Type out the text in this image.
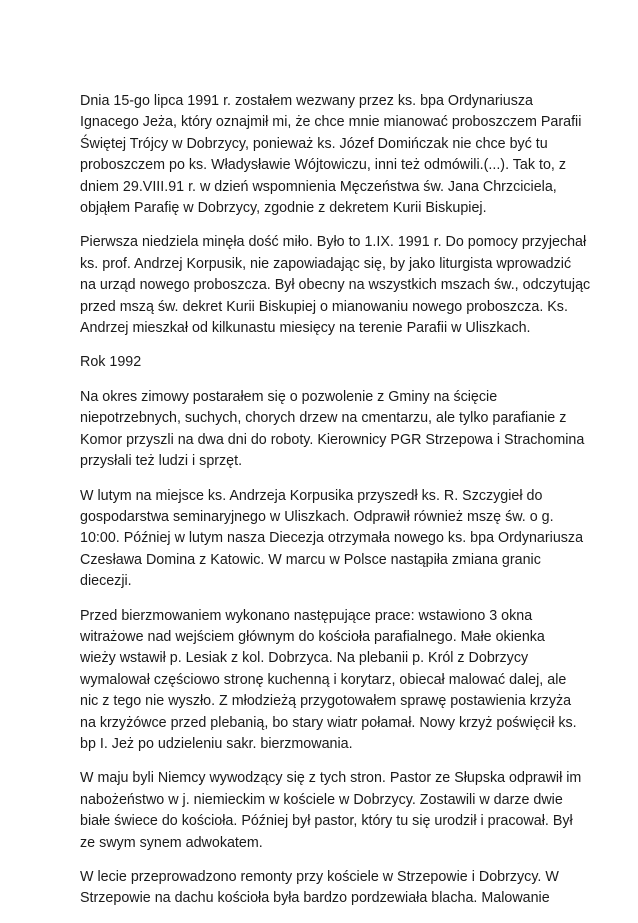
Dnia 15-go lipca 1991 r. zostałem wezwany przez ks. bpa Ordynariusza
Ignacego Jeża, który oznajmił mi, że chce mnie mianować proboszczem Parafii
Świętej Trójcy w Dobrzycy, ponieważ ks. Józef Domińczak nie chce być tu
proboszczem po ks. Władysławie Wójtowiczu, inni też odmówili.(...). Tak to, z
dniem 29.VIII.91 r. w dzień wspomnienia Męczeństwa św. Jana Chrzciciela,
objąłem Parafię w Dobrzycy, zgodnie z dekretem Kurii Biskupiej.

Pierwsza niedziela minęła dość miło. Było to 1.IX. 1991 r. Do pomocy przyjechał
ks. prof. Andrzej Korpusik, nie zapowiadając się, by jako liturgista wprowadzić
na urząd nowego proboszcza. Był obecny na wszystkich mszach św., odczytując
przed mszą św. dekret Kurii Biskupiej o mianowaniu nowego proboszcza. Ks.
Andrzej mieszkał od kilkunastu miesięcy na terenie Parafii w Uliszkach.

Rok 1992

Na okres zimowy postarałem się o pozwolenie z Gminy na ścięcie
niepotrzebnych, suchych, chorych drzew na cmentarzu, ale tylko parafianie z
Komor przyszli na dwa dni do roboty. Kierownicy PGR Strzepowa i Strachomina
przysłali też ludzi i sprzęt.

W lutym na miejsce ks. Andrzeja Korpusika przyszedł ks. R. Szczygieł do
gospodarstwa seminaryjnego w Uliszkach. Odprawił również mszę św. o g.
10:00. Później w lutym nasza Diecezja otrzymała nowego ks. bpa Ordynariusza
Czesława Domina z Katowic. W marcu w Polsce nastąpiła zmiana granic
diecezji.

Przed bierzmowaniem wykonano następujące prace: wstawiono 3 okna
witrażowe nad wejściem głównym do kościoła parafialnego. Małe okienka
wieży wstawił p. Lesiak z kol. Dobrzyca. Na plebanii p. Król z Dobrzycy
wymalował częściowo stronę kuchenną i korytarz, obiecał malować dalej, ale
nic z tego nie wyszło. Z młodzieżą przygotowałem sprawę postawienia krzyża
na krzyżówce przed plebanią, bo stary wiatr połamał. Nowy krzyż poświęcił ks.
bp I. Jeż po udzieleniu sakr. bierzmowania.

W maju byli Niemcy wywodzący się z tych stron. Pastor ze Słupska odprawił im
nabożeństwo w j. niemieckim w kościele w Dobrzycy. Zostawili w darze dwie
białe świece do kościoła. Później był pastor, który tu się urodził i pracował. Był
ze swym synem adwokatem.

W lecie przeprowadzono remonty przy kościele w Strzepowie i Dobrzycy. W
Strzepowie na dachu kościoła była bardzo pordzewiała blacha. Malowanie
